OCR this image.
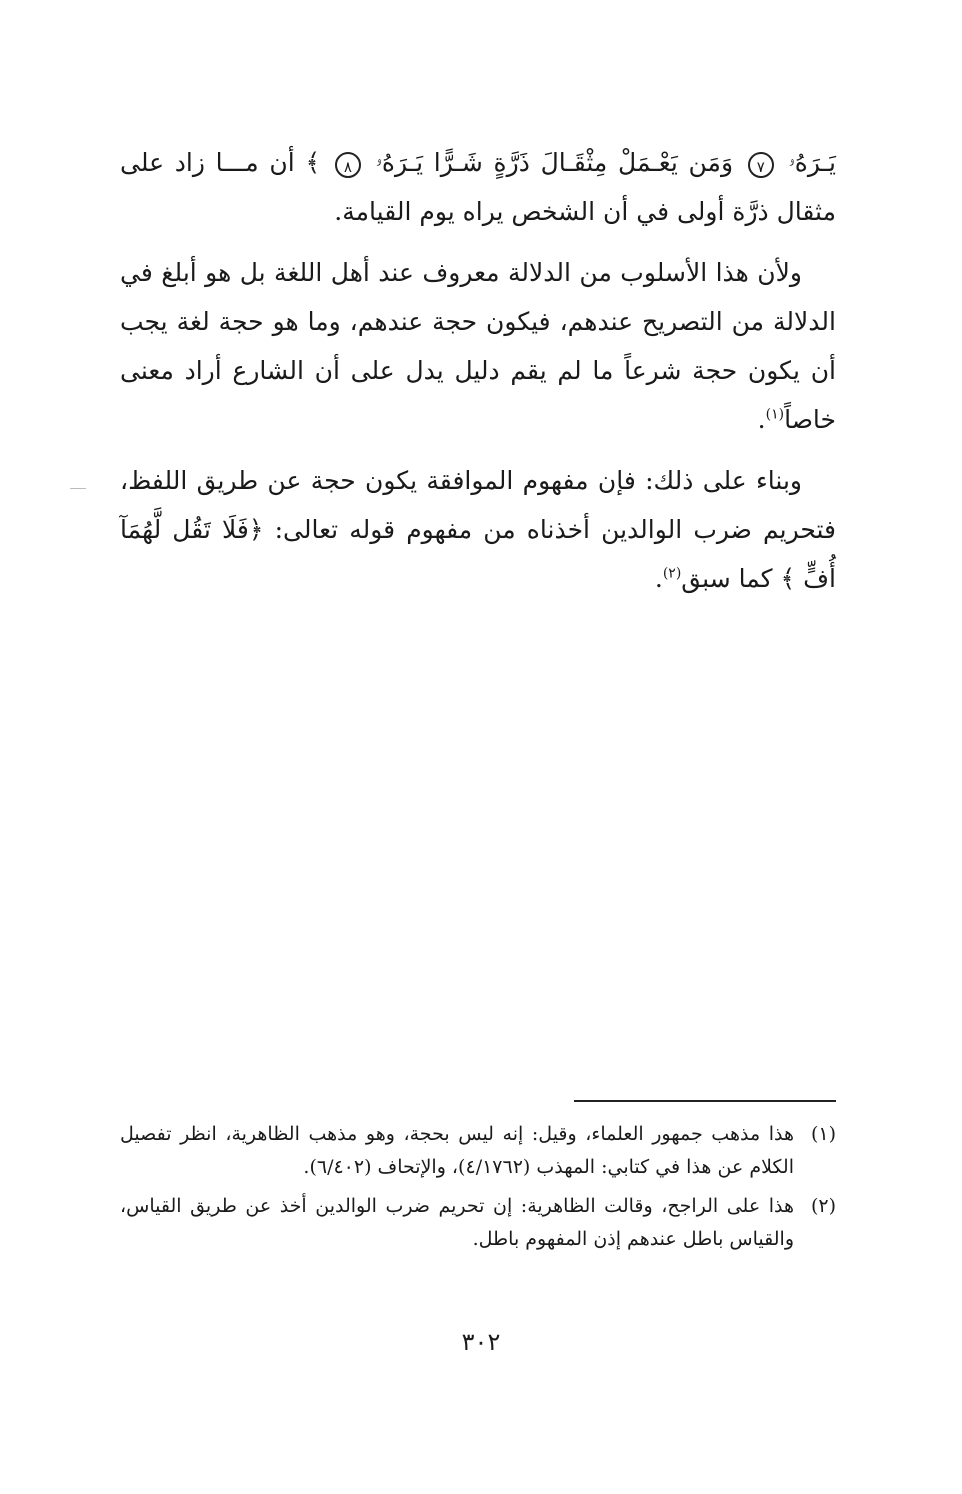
يَـرَهُۥ ٧ وَمَن يَعْـمَلْ مِثْقَـالَ ذَرَّةٍ شَـرًّا يَـرَهُۥ ٨ ﴾ أن مـــا زاد على مثقال ذرَّة أولى في أن الشخص يراه يوم القيامة.

ولأن هذا الأسلوب من الدلالة معروف عند أهل اللغة بل هو أبلغ في الدلالة من التصريح عندهم، فيكون حجة عندهم، وما هو حجة لغة يجب أن يكون حجة شرعاً ما لم يقم دليل يدل على أن الشارع أراد معنى خاصاً$^{(١)}$.

وبناء على ذلك: فإن مفهوم الموافقة يكون حجة عن طريق اللفظ، فتحريم ضرب الوالدين أخذناه من مفهوم قوله تعالى: ﴿فَلَا تَقُل لَّهُمَآ أُفٍّ ﴾ كما سبق$^{(٢)}$.

(١)
هذا مذهب جمهور العلماء، وقيل: إنه ليس بحجة، وهو مذهب الظاهرية، انظر تفصيل الكلام عن هذا في كتابي: المهذب (٤/١٧٦٢)، والإتحاف (٦/٤٠٢).
(٢)
هذا على الراجح، وقالت الظاهرية: إن تحريم ضرب الوالدين أخذ عن طريق القياس، والقياس باطل عندهم إذن المفهوم باطل.
٣٠٢
